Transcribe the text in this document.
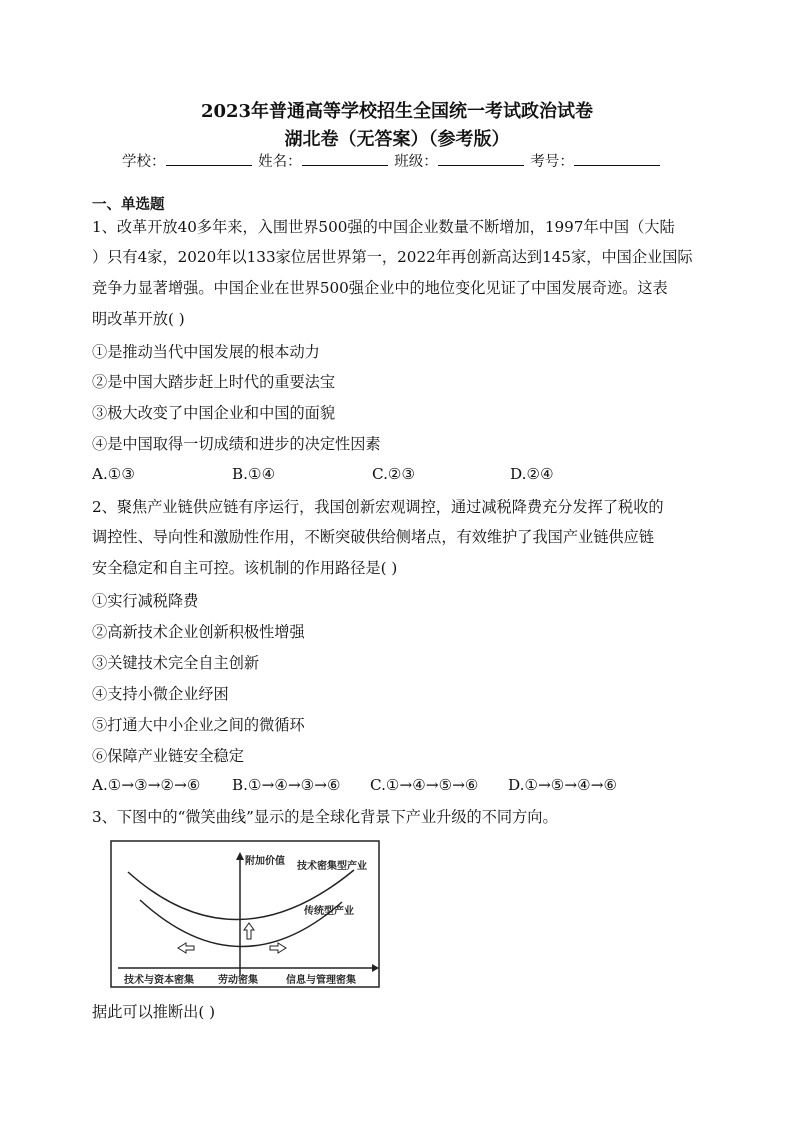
2023年普通高等学校招生全国统一考试政治试卷
湖北卷（无答案）（参考版）
学校：	姓名：	班级：	考号：
一、单选题
1、改革开放40多年来，入围世界500强的中国企业数量不断增加，1997年中国（大陆
）只有4家，2020年以133家位居世界第一，2022年再创新高达到145家，中国企业国际
竞争力显著增强。中国企业在世界500强企业中的地位变化见证了中国发展奇迹。这表
明改革开放( )
①是推动当代中国发展的根本动力
②是中国大踏步赶上时代的重要法宝
③极大改变了中国企业和中国的面貌
④是中国取得一切成绩和进步的决定性因素
A.①③	B.①④	C.②③	D.②④
2、聚焦产业链供应链有序运行，我国创新宏观调控，通过减税降费充分发挥了税收的
调控性、导向性和激励性作用，不断突破供给侧堵点，有效维护了我国产业链供应链
安全稳定和自主可控。该机制的作用路径是( )
①实行减税降费
②高新技术企业创新积极性增强
③关键技术完全自主创新
④支持小微企业纾困
⑤打通大中小企业之间的微循环
⑥保障产业链安全稳定
A.①→③→②→⑥ B.①→④→③→⑥ C.①→④→⑤→⑥ D.①→⑤→④→⑥
3、下图中的“微笑曲线”显示的是全球化背景下产业升级的不同方向。
附加价值 技术密集型产业
传统型产业
技术与资本密集 劳动密集	信息与管理密集
据此可以推断出( )
